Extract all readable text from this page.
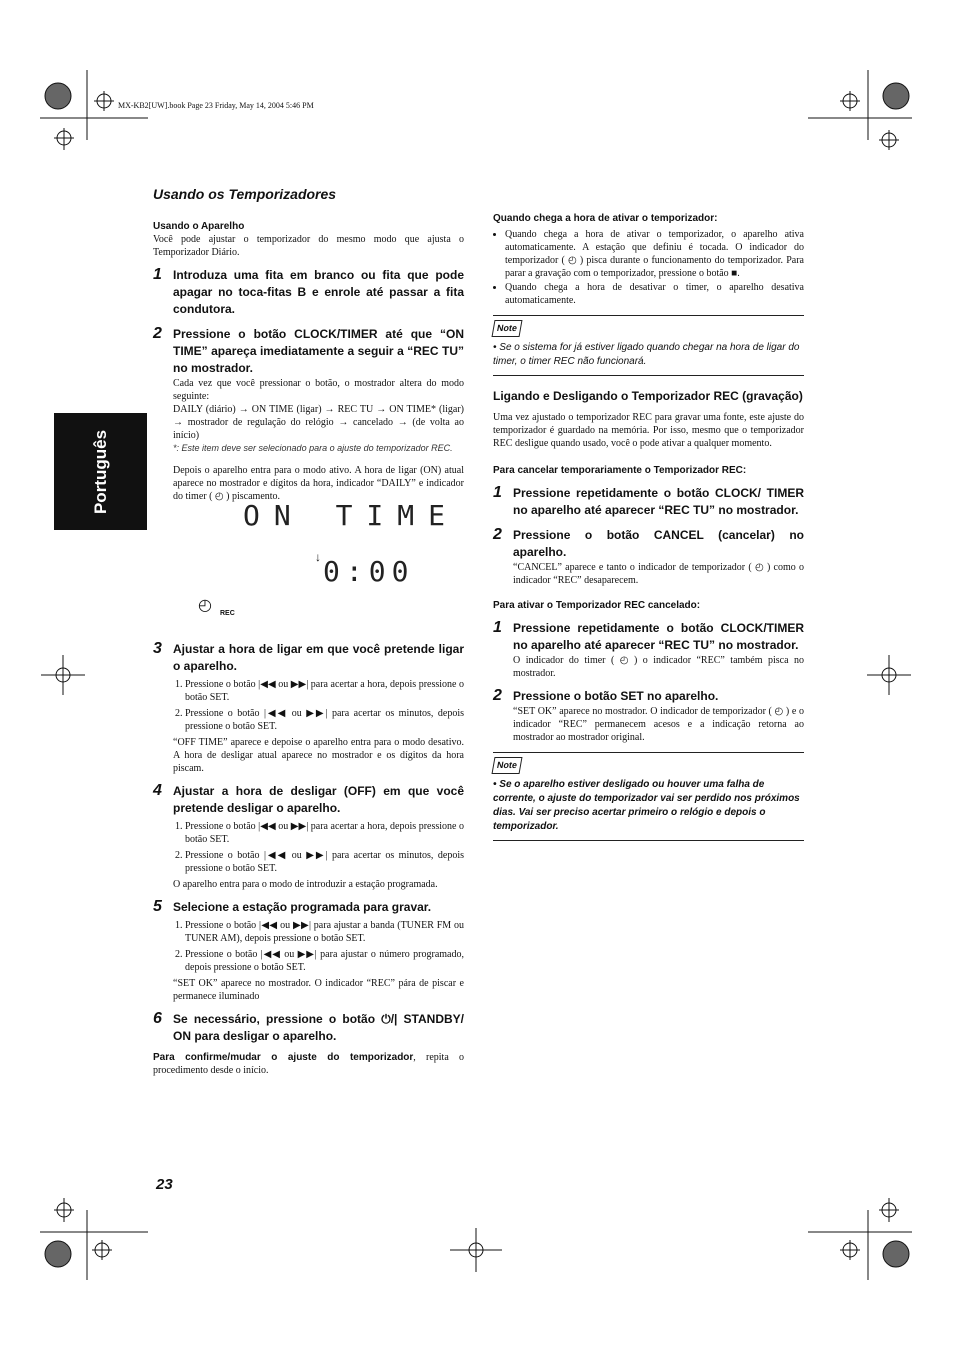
MX-KB2[UW].book Page 23 Friday, May 14, 2004 5:46 PM
Usando os Temporizadores
Português

Usando o Aparelho

Você pode ajustar o temporizador do mesmo modo que ajusta o Temporizador Diário.

1 Introduza uma fita em branco ou fita que pode apagar no toca-fitas B e enrole até passar a fita condutora.
2 Pressione o botão CLOCK/TIMER até que “ON TIME” apareça imediatamente a seguir a “REC TU” no mostrador.

Cada vez que você pressionar o botão, o mostrador altera do modo seguinte:

DAILY (diário) → ON TIME (ligar) → REC TU → ON TIME* (ligar) → mostrador de regulação do relógio → cancelado → (de volta ao início)

*: Este item deve ser selecionado para o ajuste do temporizador REC.

Depois o aparelho entra para o modo ativo. A hora de ligar (ON) atual aparece no mostrador e dígitos da hora, indicador “DAILY” e indicador do timer ( ◴ ) piscamento.

ON TIME
↓ 0:00
◴ REC
3 Ajustar a hora de ligar em que você pretende ligar o aparelho.
1. Pressione o botão |◀◀ ou ▶▶| para acertar a hora, depois pressione o botão SET.
2. Pressione o botão |◀◀ ou ▶▶| para acertar os minutos, depois pressione o botão SET.

“OFF TIME” aparece e depoise o aparelho entra para o modo desativo. A hora de desligar atual aparece no mostrador e os dígitos da hora piscam.

4 Ajustar a hora de desligar (OFF) em que você pretende desligar o aparelho.
1. Pressione o botão |◀◀ ou ▶▶| para acertar a hora, depois pressione o botão SET.
2. Pressione o botão |◀◀ ou ▶▶| para acertar os minutos, depois pressione o botão SET.

O aparelho entra para o modo de introduzir a estação programada.

5 Selecione a estação programada para gravar.
1. Pressione o botão |◀◀ ou ▶▶| para ajustar a banda (TUNER FM ou TUNER AM), depois pressione o botão SET.
2. Pressione o botão |◀◀ ou ▶▶| para ajustar o número programado, depois pressione o botão SET.

“SET OK” aparece no mostrador. O indicador “REC” pára de piscar e permanece iluminado

6 Se necessário, pressione o botão ⏻/| STANDBY/ ON para desligar o aparelho.

Para confirme/mudar o ajuste do temporizador, repita o procedimento desde o início.

Quando chega a hora de ativar o temporizador:

• Quando chega a hora de ativar o temporizador, o aparelho ativa automaticamente. A estação que definiu é tocada. O indicador do temporizador ( ◴ ) pisca durante o funcionamento do temporizador. Para parar a gravação com o temporizador, pressione o botão ■.
• Quando chega a hora de desativar o timer, o aparelho desativa automaticamente.
Note
• Se o sistema for já estiver ligado quando chegar na hora de ligar do timer, o timer REC não funcionará.
Ligando e Desligando o Temporizador REC (gravação)

Uma vez ajustado o temporizador REC para gravar uma fonte, este ajuste do temporizador é guardado na memória. Por isso, mesmo que o temporizador REC desligue quando usado, você o pode ativar a qualquer momento.

Para cancelar temporariamente o Temporizador REC:

1 Pressione repetidamente o botão CLOCK/ TIMER no aparelho até aparecer “REC TU” no mostrador.
2 Pressione o botão CANCEL (cancelar) no aparelho.

“CANCEL” aparece e tanto o indicador de temporizador ( ◴ ) como o indicador “REC” desaparecem.

Para ativar o Temporizador REC cancelado:

1 Pressione repetidamente o botão CLOCK/TIMER no aparelho até aparecer “REC TU” no mostrador.

O indicador do timer ( ◴ ) o indicador “REC” também pisca no mostrador.

2 Pressione o botão SET no aparelho.

“SET OK” aparece no mostrador. O indicador de temporizador ( ◴ ) e o indicador “REC” permanecem acesos e a indicação retorna ao mostrador ao mostrador original.

Note
• Se o aparelho estiver desligado ou houver uma falha de corrente, o ajuste do temporizador vai ser perdido nos próximos dias. Vai ser preciso acertar primeiro o relógio e depois o temporizador.
23
